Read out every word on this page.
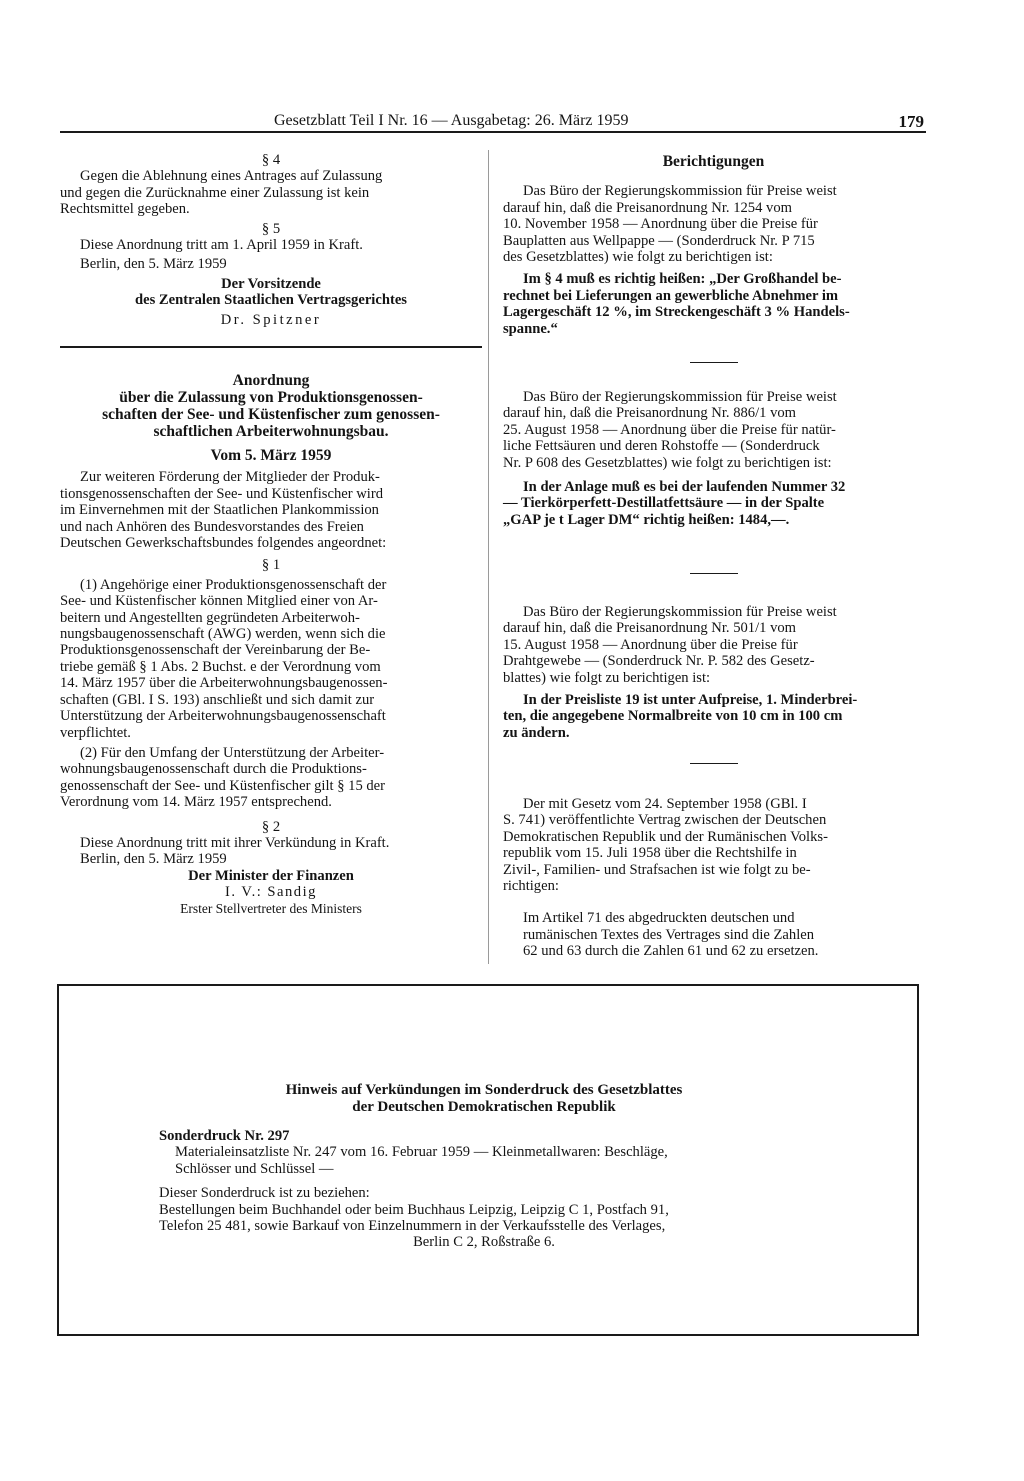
Gesetzblatt Teil I Nr. 16 — Ausgabetag: 26. März 1959	179

§ 4

Gegen die Ablehnung eines Antrages auf Zulassung

und gegen die Zurücknahme einer Zulassung ist kein

Rechtsmittel gegeben.

§ 5

Diese Anordnung tritt am 1. April 1959 in Kraft.

Berlin, den 5. März 1959

Der Vorsitzende

des Zentralen Staatlichen Vertragsgerichtes

Dr. Spitzner

Anordnung

über die Zulassung von Produktionsgenossen-

schaften der See- und Küstenfischer zum genossen-

schaftlichen Arbeiterwohnungsbau.

Vom 5. März 1959

Zur weiteren Förderung der Mitglieder der Produk-

tionsgenossenschaften der See- und Küstenfischer wird

im Einvernehmen mit der Staatlichen Plankommission

und nach Anhören des Bundesvorstandes des Freien

Deutschen Gewerkschaftsbundes folgendes angeordnet:

§ 1

(1) Angehörige einer Produktionsgenossenschaft der

See- und Küstenfischer können Mitglied einer von Ar-

beitern und Angestellten gegründeten Arbeiterwoh-

nungsbaugenossenschaft (AWG) werden, wenn sich die

Produktionsgenossenschaft der Vereinbarung der Be-

triebe gemäß § 1 Abs. 2 Buchst. e der Verordnung vom

14. März 1957 über die Arbeiterwohnungsbaugenossen-

schaften (GBl. I S. 193) anschließt und sich damit zur

Unterstützung der Arbeiterwohnungsbaugenossenschaft

verpflichtet.

(2) Für den Umfang der Unterstützung der Arbeiter-

wohnungsbaugenossenschaft durch die Produktions-

genossenschaft der See- und Küstenfischer gilt § 15 der

Verordnung vom 14. März 1957 entsprechend.

§ 2

Diese Anordnung tritt mit ihrer Verkündung in Kraft.

Berlin, den 5. März 1959

Der Minister der Finanzen

I. V.: Sandig

Erster Stellvertreter des Ministers

Berichtigungen

Das Büro der Regierungskommission für Preise weist

darauf hin, daß die Preisanordnung Nr. 1254 vom

10. November 1958 — Anordnung über die Preise für

Bauplatten aus Wellpappe — (Sonderdruck Nr. P 715

des Gesetzblattes) wie folgt zu berichtigen ist:

Im § 4 muß es richtig heißen: „Der Großhandel be-

rechnet bei Lieferungen an gewerbliche Abnehmer im

Lagergeschäft 12 %, im Streckengeschäft 3 % Handels-

spanne.“

Das Büro der Regierungskommission für Preise weist

darauf hin, daß die Preisanordnung Nr. 886/1 vom

25. August 1958 — Anordnung über die Preise für natür-

liche Fettsäuren und deren Rohstoffe — (Sonderdruck

Nr. P 608 des Gesetzblattes) wie folgt zu berichtigen ist:

In der Anlage muß es bei der laufenden Nummer 32

— Tierkörperfett-Destillatfettsäure — in der Spalte

„GAP je t Lager DM“ richtig heißen: 1484,—.

Das Büro der Regierungskommission für Preise weist

darauf hin, daß die Preisanordnung Nr. 501/1 vom

15. August 1958 — Anordnung über die Preise für

Drahtgewebe — (Sonderdruck Nr. P. 582 des Gesetz-

blattes) wie folgt zu berichtigen ist:

In der Preisliste 19 ist unter Aufpreise, 1. Minderbrei-

ten, die angegebene Normalbreite von 10 cm in 100 cm

zu ändern.

Der mit Gesetz vom 24. September 1958 (GBl. I

S. 741) veröffentlichte Vertrag zwischen der Deutschen

Demokratischen Republik und der Rumänischen Volks-

republik vom 15. Juli 1958 über die Rechtshilfe in

Zivil-, Familien- und Strafsachen ist wie folgt zu be-

richtigen:

Im Artikel 71 des abgedruckten deutschen und

rumänischen Textes des Vertrages sind die Zahlen

62 und 63 durch die Zahlen 61 und 62 zu ersetzen.

Hinweis auf Verkündungen im Sonderdruck des Gesetzblattes

der Deutschen Demokratischen Republik

Sonderdruck Nr. 297

Materialeinsatzliste Nr. 247 vom 16. Februar 1959 — Kleinmetallwaren: Beschläge,

Schlösser und Schlüssel —

Dieser Sonderdruck ist zu beziehen:

Bestellungen beim Buchhandel oder beim Buchhaus Leipzig, Leipzig C 1, Postfach 91,

Telefon 25 481, sowie Barkauf von Einzelnummern in der Verkaufsstelle des Verlages,

Berlin C 2, Roßstraße 6.
